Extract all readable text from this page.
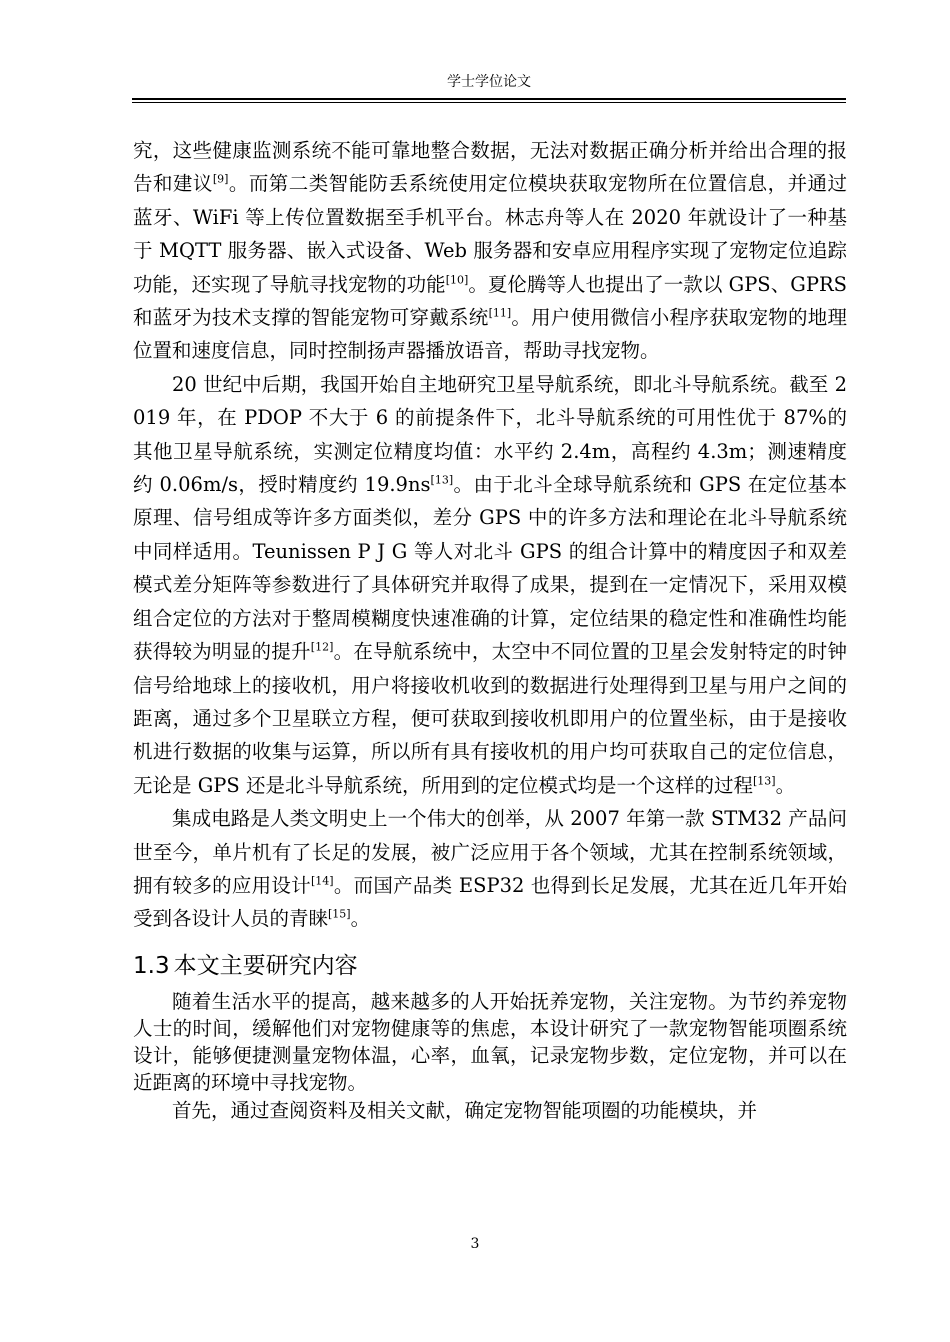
学士学位论文

究，这些健康监测系统不能可靠地整合数据，无法对数据正确分析并给出合理的报告和建议[9]。而第二类智能防丢系统使用定位模块获取宠物所在位置信息，并通过蓝牙、WiFi 等上传位置数据至手机平台。林志舟等人在 2020 年就设计了一种基于 MQTT 服务器、嵌入式设备、Web 服务器和安卓应用程序实现了宠物定位追踪功能，还实现了导航寻找宠物的功能[10]。夏伦腾等人也提出了一款以 GPS、GPRS 和蓝牙为技术支撑的智能宠物可穿戴系统[11]。用户使用微信小程序获取宠物的地理位置和速度信息，同时控制扬声器播放语音，帮助寻找宠物。

20 世纪中后期，我国开始自主地研究卫星导航系统，即北斗导航系统。截至 2019 年，在 PDOP 不大于 6 的前提条件下，北斗导航系统的可用性优于 87%的其他卫星导航系统，实测定位精度均值：水平约 2.4m，高程约 4.3m；测速精度约 0.06m/s，授时精度约 19.9ns[13]。由于北斗全球导航系统和 GPS 在定位基本原理、信号组成等许多方面类似，差分 GPS 中的许多方法和理论在北斗导航系统中同样适用。Teunissen P J G 等人对北斗 GPS 的组合计算中的精度因子和双差模式差分矩阵等参数进行了具体研究并取得了成果，提到在一定情况下，采用双模组合定位的方法对于整周模糊度快速准确的计算，定位结果的稳定性和准确性均能获得较为明显的提升[12]。在导航系统中，太空中不同位置的卫星会发射特定的时钟信号给地球上的接收机，用户将接收机收到的数据进行处理得到卫星与用户之间的距离，通过多个卫星联立方程，便可获取到接收机即用户的位置坐标，由于是接收机进行数据的收集与运算，所以所有具有接收机的用户均可获取自己的定位信息，无论是 GPS 还是北斗导航系统，所用到的定位模式均是一个这样的过程[13]。

集成电路是人类文明史上一个伟大的创举，从 2007 年第一款 STM32 产品问世至今，单片机有了长足的发展，被广泛应用于各个领域，尤其在控制系统领域，拥有较多的应用设计[14]。而国产品类 ESP32 也得到长足发展，尤其在近几年开始受到各设计人员的青睐[15]。

1.3 本文主要研究内容

随着生活水平的提高，越来越多的人开始抚养宠物，关注宠物。为节约养宠物人士的时间，缓解他们对宠物健康等的焦虑，本设计研究了一款宠物智能项圈系统设计，能够便捷测量宠物体温，心率，血氧，记录宠物步数，定位宠物，并可以在近距离的环境中寻找宠物。

首先，通过查阅资料及相关文献，确定宠物智能项圈的功能模块，并

3
